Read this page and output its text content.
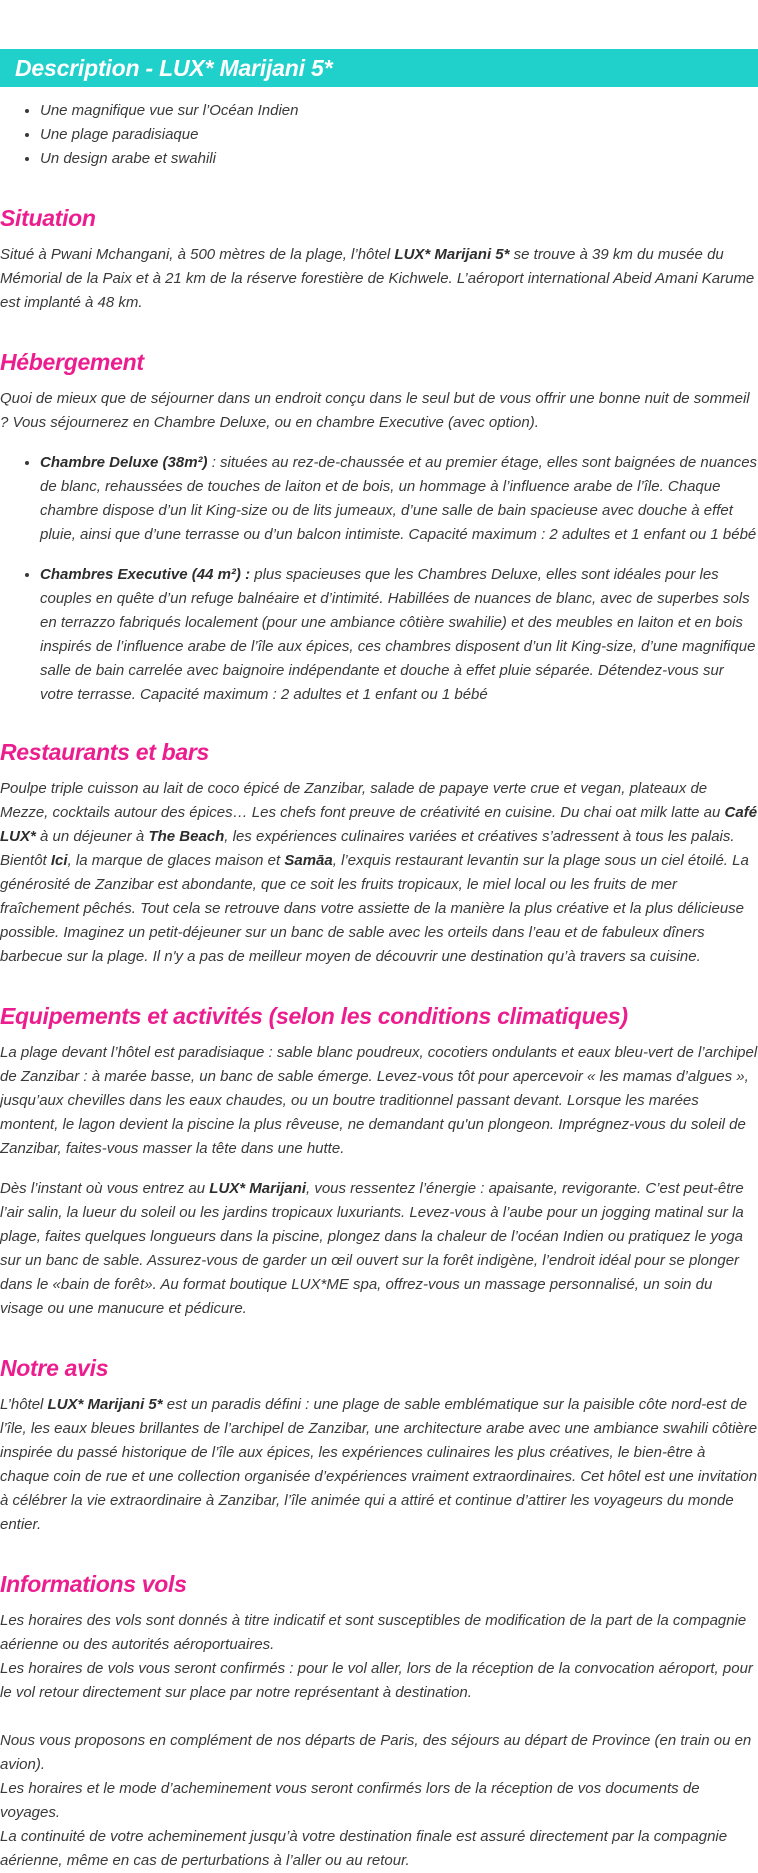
Description - LUX* Marijani 5*
• Une magnifique vue sur l’Océan Indien
• Une plage paradisiaque
• Un design arabe et swahili
Situation

Situé à Pwani Mchangani, à 500 mètres de la plage, l’hôtel LUX* Marijani 5* se trouve à 39 km du musée du Mémorial de la Paix et à 21 km de la réserve forestière de Kichwele. L’aéroport international Abeid Amani Karume est implanté à 48 km.

Hébergement

Quoi de mieux que de séjourner dans un endroit conçu dans le seul but de vous offrir une bonne nuit de sommeil ? Vous séjournerez en Chambre Deluxe, ou en chambre Executive (avec option).

• Chambre Deluxe (38m²) : situées au rez-de-chaussée et au premier étage, elles sont baignées de nuances de blanc, rehaussées de touches de laiton et de bois, un hommage à l’influence arabe de l’île. Chaque chambre dispose d’un lit King-size ou de lits jumeaux, d’une salle de bain spacieuse avec douche à effet pluie, ainsi que d’une terrasse ou d’un balcon intimiste. Capacité maximum : 2 adultes et 1 enfant ou 1 bébé
• Chambres Executive (44 m²) : plus spacieuses que les Chambres Deluxe, elles sont idéales pour les couples en quête d’un refuge balnéaire et d’intimité. Habillées de nuances de blanc, avec de superbes sols en terrazzo fabriqués localement (pour une ambiance côtière swahilie) et des meubles en laiton et en bois inspirés de l’influence arabe de l’île aux épices, ces chambres disposent d’un lit King-size, d’une magnifique salle de bain carrelée avec baignoire indépendante et douche à effet pluie séparée. Détendez-vous sur votre terrasse. Capacité maximum : 2 adultes et 1 enfant ou 1 bébé
Restaurants et bars

Poulpe triple cuisson au lait de coco épicé de Zanzibar, salade de papaye verte crue et vegan, plateaux de Mezze, cocktails autour des épices… Les chefs font preuve de créativité en cuisine. Du chai oat milk latte au Café LUX* à un déjeuner à The Beach, les expériences culinaires variées et créatives s’adressent à tous les palais. Bientôt Ici, la marque de glaces maison et Samāa, l’exquis restaurant levantin sur la plage sous un ciel étoilé. La générosité de Zanzibar est abondante, que ce soit les fruits tropicaux, le miel local ou les fruits de mer fraîchement pêchés. Tout cela se retrouve dans votre assiette de la manière la plus créative et la plus délicieuse possible. Imaginez un petit-déjeuner sur un banc de sable avec les orteils dans l’eau et de fabuleux dîners barbecue sur la plage. Il n'y a pas de meilleur moyen de découvrir une destination qu’à travers sa cuisine.

Equipements et activités (selon les conditions climatiques)

La plage devant l’hôtel est paradisiaque : sable blanc poudreux, cocotiers ondulants et eaux bleu-vert de l’archipel de Zanzibar : à marée basse, un banc de sable émerge. Levez-vous tôt pour apercevoir « les mamas d’algues », jusqu’aux chevilles dans les eaux chaudes, ou un boutre traditionnel passant devant. Lorsque les marées montent, le lagon devient la piscine la plus rêveuse, ne demandant qu'un plongeon. Imprégnez-vous du soleil de Zanzibar, faites-vous masser la tête dans une hutte.

Dès l’instant où vous entrez au LUX* Marijani, vous ressentez l’énergie : apaisante, revigorante. C’est peut-être l’air salin, la lueur du soleil ou les jardins tropicaux luxuriants. Levez-vous à l’aube pour un jogging matinal sur la plage, faites quelques longueurs dans la piscine, plongez dans la chaleur de l’océan Indien ou pratiquez le yoga sur un banc de sable. Assurez-vous de garder un œil ouvert sur la forêt indigène, l’endroit idéal pour se plonger dans le «bain de forêt». Au format boutique LUX*ME spa, offrez-vous un massage personnalisé, un soin du visage ou une manucure et pédicure.

Notre avis

L’hôtel LUX* Marijani 5* est un paradis défini : une plage de sable emblématique sur la paisible côte nord-est de l’île, les eaux bleues brillantes de l’archipel de Zanzibar, une architecture arabe avec une ambiance swahili côtière inspirée du passé historique de l’île aux épices, les expériences culinaires les plus créatives, le bien-être à chaque coin de rue et une collection organisée d’expériences vraiment extraordinaires. Cet hôtel est une invitation à célébrer la vie extraordinaire à Zanzibar, l’île animée qui a attiré et continue d’attirer les voyageurs du monde entier.

Informations vols

Les horaires des vols sont donnés à titre indicatif et sont susceptibles de modification de la part de la compagnie aérienne ou des autorités aéroportuaires.

Les horaires de vols vous seront confirmés : pour le vol aller, lors de la réception de la convocation aéroport, pour le vol retour directement sur place par notre représentant à destination.

Nous vous proposons en complément de nos départs de Paris, des séjours au départ de Province (en train ou en avion).

Les horaires et le mode d’acheminement vous seront confirmés lors de la réception de vos documents de voyages.

La continuité de votre acheminement jusqu’à votre destination finale est assuré directement par la compagnie aérienne, même en cas de perturbations à l’aller ou au retour.
